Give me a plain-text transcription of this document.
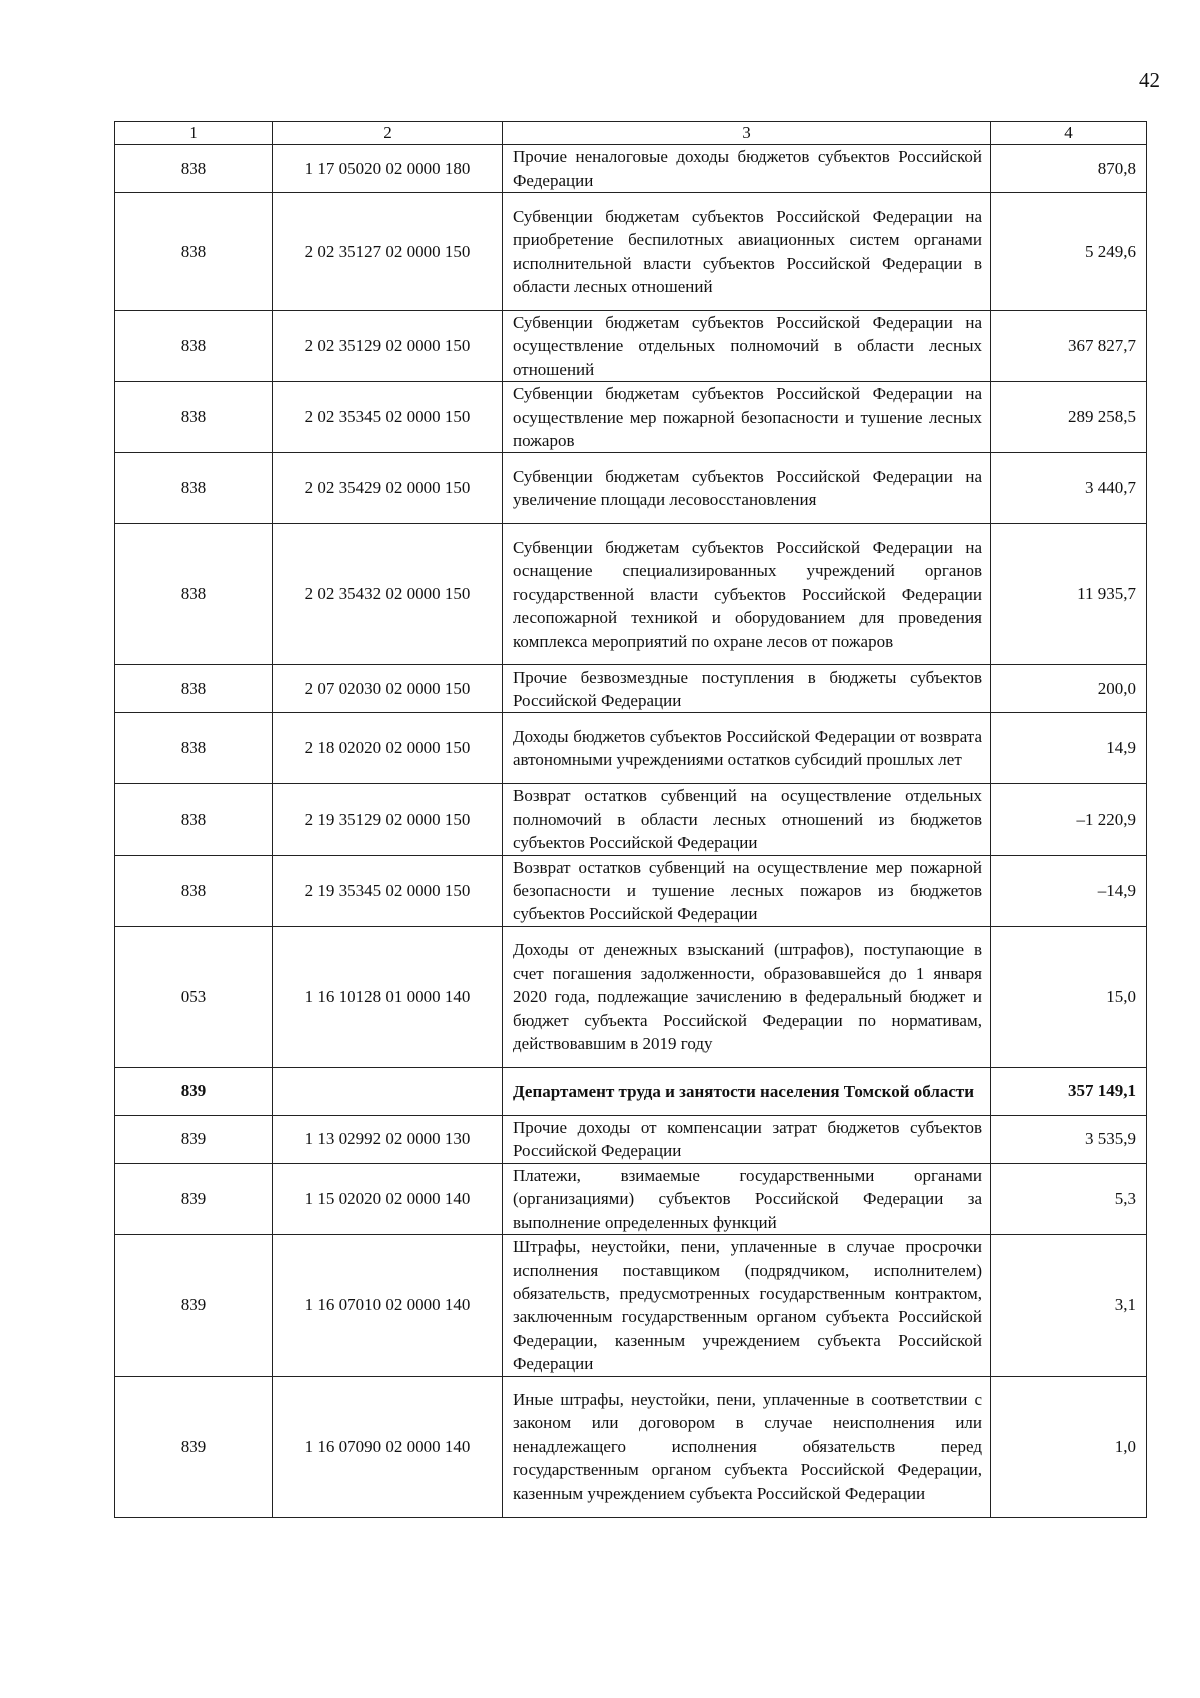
42
1	2	3	4
838	1 17 05020 02 0000 180	Прочие неналоговые доходы бюджетов субъектов Российской Федерации	870,8
838	2 02 35127 02 0000 150	Субвенции бюджетам субъектов Российской Федерации на приобретение беспилотных авиационных систем органами исполнительной власти субъектов Российской Федерации в области лесных отношений	5 249,6
838	2 02 35129 02 0000 150	Субвенции бюджетам субъектов Российской Федерации на осуществление отдельных полномочий в области лесных отношений	367 827,7
838	2 02 35345 02 0000 150	Субвенции бюджетам субъектов Российской Федерации на осуществление мер пожарной безопасности и тушение лесных пожаров	289 258,5
838	2 02 35429 02 0000 150	Субвенции бюджетам субъектов Российской Федерации на увеличение площади лесовосстановления	3 440,7
838	2 02 35432 02 0000 150	Субвенции бюджетам субъектов Российской Федерации на оснащение специализированных учреждений органов государственной власти субъектов Российской Федерации лесопожарной техникой и оборудованием для проведения комплекса мероприятий по охране лесов от пожаров	11 935,7
838	2 07 02030 02 0000 150	Прочие безвозмездные поступления в бюджеты субъектов Российской Федерации	200,0
838	2 18 02020 02 0000 150	Доходы бюджетов субъектов Российской Федерации от возврата автономными учреждениями остатков субсидий прошлых лет	14,9
838	2 19 35129 02 0000 150	Возврат остатков субвенций на осуществление отдельных полномочий в области лесных отношений из бюджетов субъектов Российской Федерации	–1 220,9
838	2 19 35345 02 0000 150	Возврат остатков субвенций на осуществление мер пожарной безопасности и тушение лесных пожаров из бюджетов субъектов Российской Федерации	–14,9
053	1 16 10128 01 0000 140	Доходы от денежных взысканий (штрафов), поступающие в счет погашения задолженности, образовавшейся до 1 января 2020 года, подлежащие зачислению в федеральный бюджет и бюджет субъекта Российской Федерации по нормативам, действовавшим в 2019 году	15,0
839		Департамент труда и занятости населения Томской области	357 149,1
839	1 13 02992 02 0000 130	Прочие доходы от компенсации затрат бюджетов субъектов Российской Федерации	3 535,9
839	1 15 02020 02 0000 140	Платежи, взимаемые государственными органами (организациями) субъектов Российской Федерации за выполнение определенных функций	5,3
839	1 16 07010 02 0000 140	Штрафы, неустойки, пени, уплаченные в случае просрочки исполнения поставщиком (подрядчиком, исполнителем) обязательств, предусмотренных государственным контрактом, заключенным государственным органом субъекта Российской Федерации, казенным учреждением субъекта Российской Федерации	3,1
839	1 16 07090 02 0000 140	Иные штрафы, неустойки, пени, уплаченные в соответствии с законом или договором в случае неисполнения или ненадлежащего исполнения обязательств перед государственным органом субъекта Российской Федерации, казенным учреждением субъекта Российской Федерации	1,0
